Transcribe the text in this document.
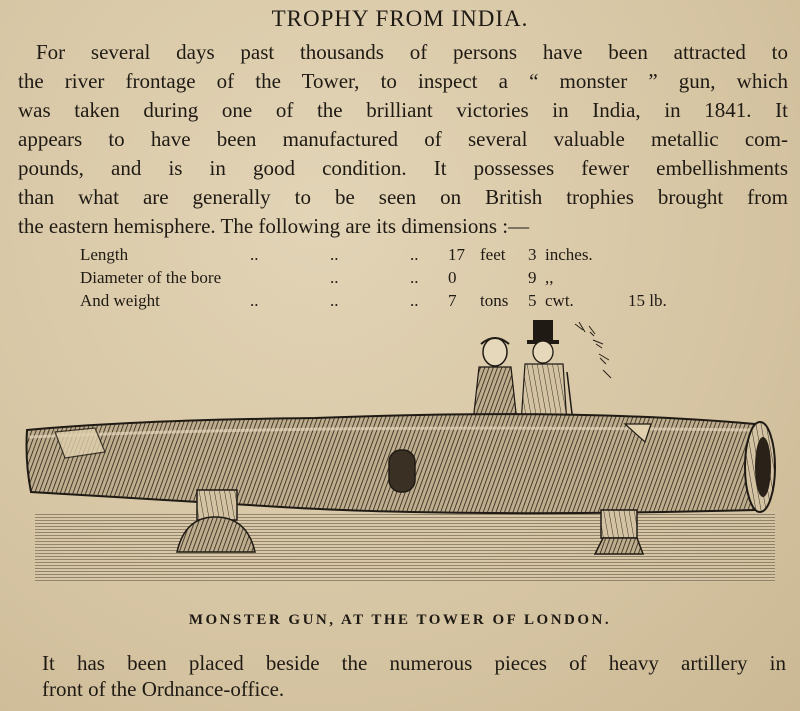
TROPHY FROM INDIA.
For several days past thousands of persons have been attracted to
the river frontage of the Tower, to inspect a “ monster ” gun, which
was taken during one of the brilliant victories in India, in 1841. It
appears to have been manufactured of several valuable metallic com-
pounds, and is in good condition. It possesses fewer embellishments
than what are generally to be seen on British trophies brought from
the eastern hemisphere. The following are its dimensions :—
Length	..	..	.. 17 feet 3 inches.
Diameter of the bore	..	.. 0	9 ,,
And weight	..	..	.. 7 tons 5 cwt.	15 lb.
MONSTER GUN, AT THE TOWER OF LONDON.
It has been placed beside the numerous pieces of heavy artillery in
front of the Ordnance-office.
